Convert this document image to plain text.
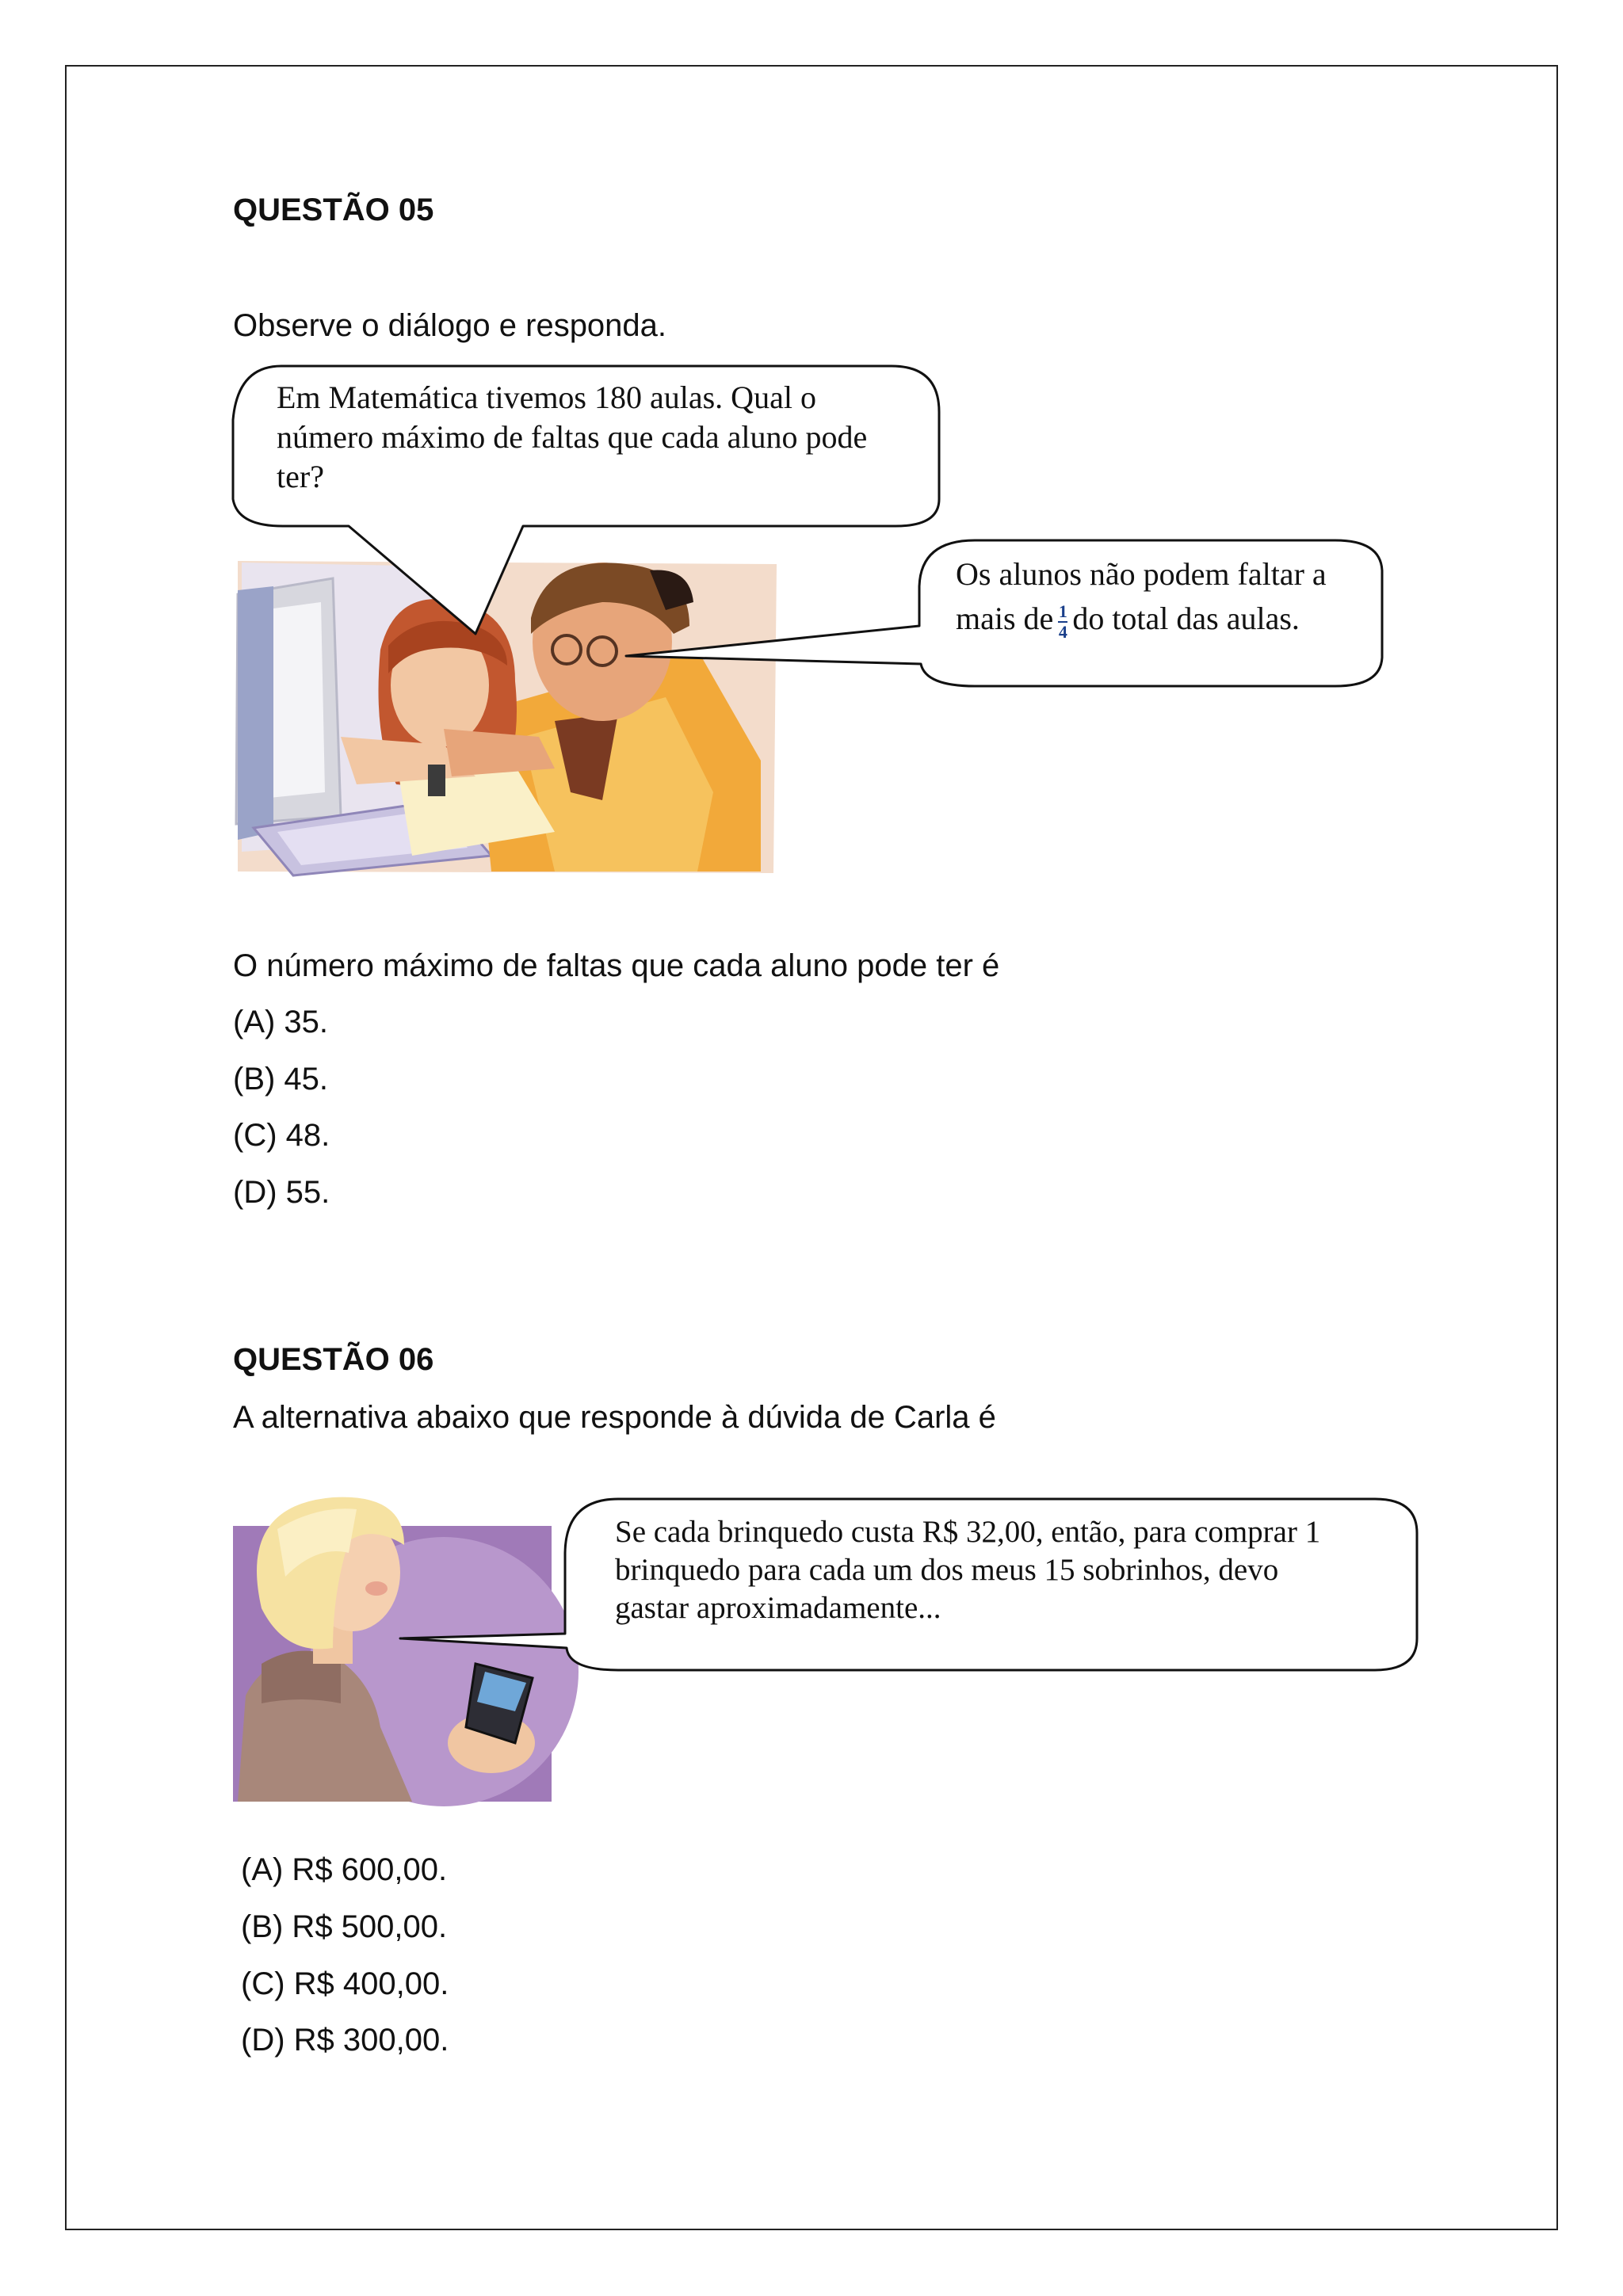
QUESTÃO 05
Observe o diálogo e responda.
Em Matemática tivemos 180 aulas. Qual o
número máximo de faltas que cada aluno pode
ter?
Os alunos não podem faltar a
mais de $\frac{1}{4}$ do total das aulas.
O número máximo de faltas que cada aluno pode ter é
(A) 35.
(B) 45.
(C) 48.
(D) 55.
QUESTÃO 06
A alternativa abaixo que responde à dúvida de Carla é
Se cada brinquedo custa R$ 32,00, então, para comprar 1
brinquedo para cada um dos meus 15 sobrinhos, devo
gastar aproximadamente...
(A) R$ 600,00.
(B) R$ 500,00.
(C) R$ 400,00.
(D) R$ 300,00.
